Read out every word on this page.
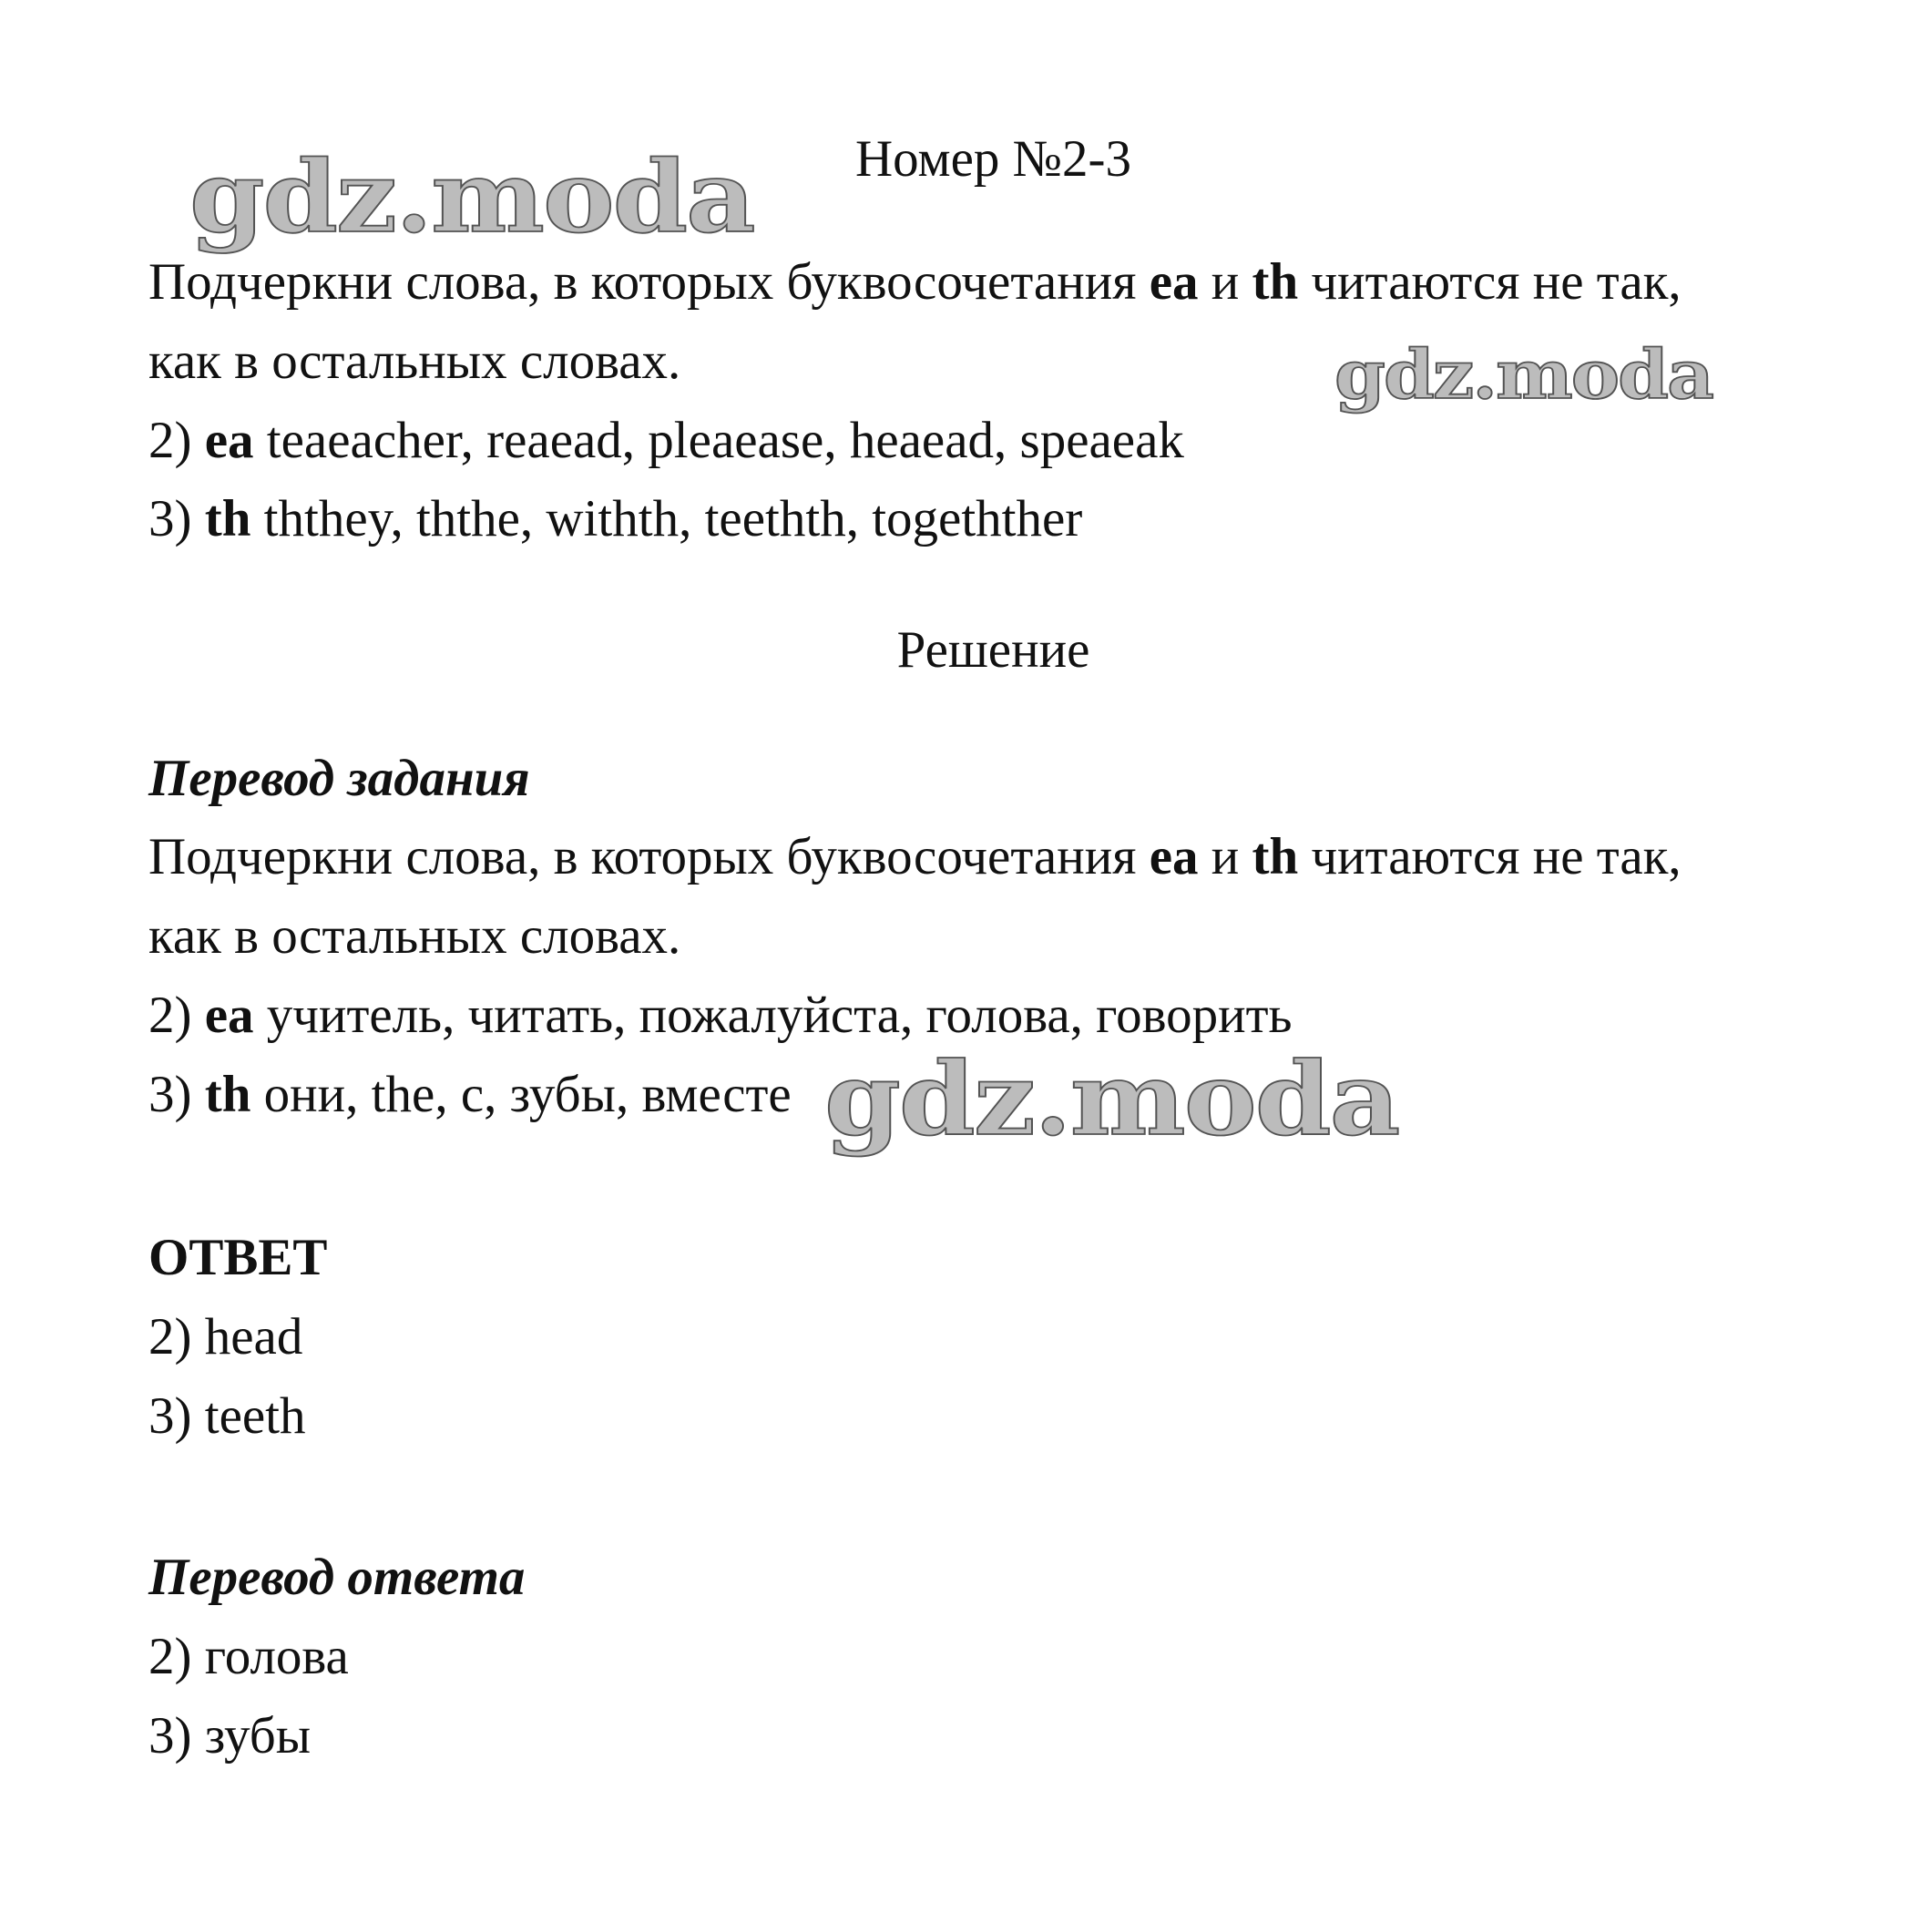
gdz.moda
gdz.moda
gdz.moda
Номер №2-3
Подчеркни слова, в которых буквосочетания ea и th читаются не так,
как в остальных словах.
2) ea teaeacher, reaead, pleaease, heaead, speaeak
3) th ththey, ththe, withth, teethth, togethther
Решение
Перевод задания
Подчеркни слова, в которых буквосочетания ea и th читаются не так,
как в остальных словах.
2) ea учитель, читать, пожалуйста, голова, говорить
3) th они, the, с, зубы, вместе
ОТВЕТ
2) head
3) teeth
Перевод ответа
2) голова
3) зубы
